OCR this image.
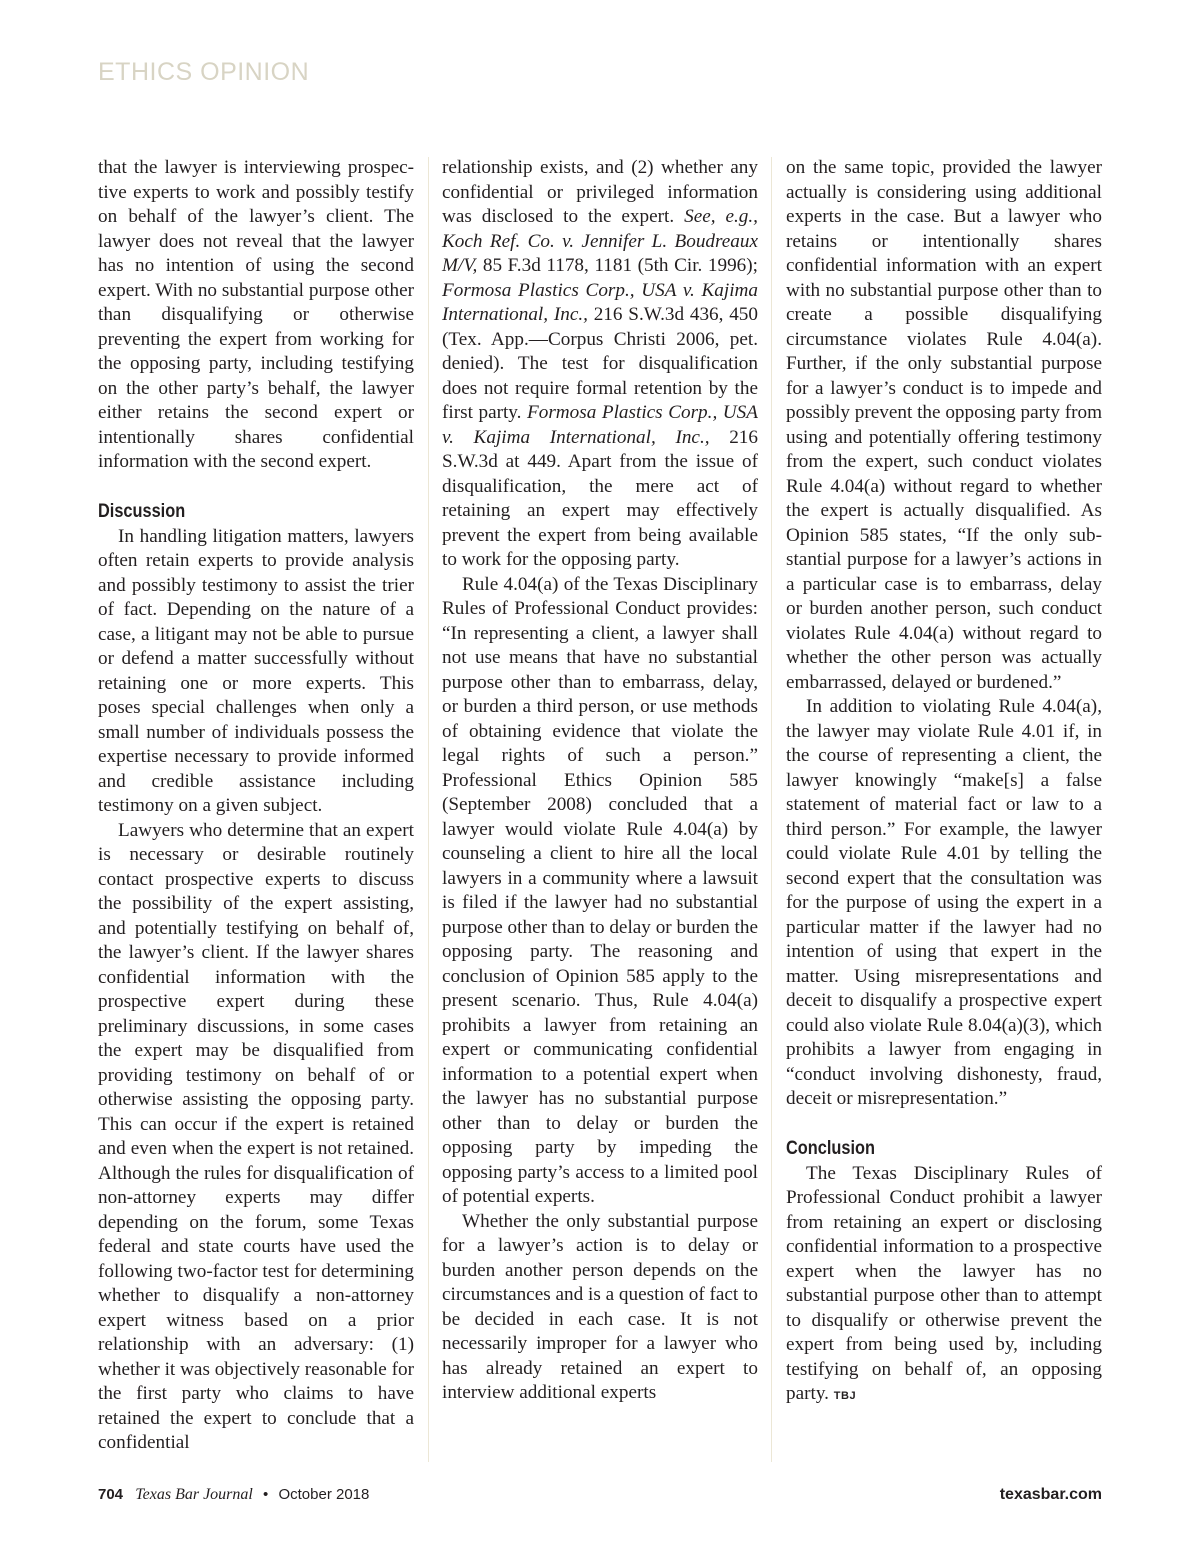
ETHICS OPINION

that the lawyer is interviewing prospective experts to work and possibly testify on behalf of the lawyer’s client. The lawyer does not reveal that the lawyer has no intention of using the second expert. With no substantial purpose other than disqualifying or otherwise preventing the expert from working for the opposing party, including testifying on the other party’s behalf, the lawyer either retains the second expert or intentionally shares confidential information with the second expert.

Discussion

In handling litigation matters, lawyers often retain experts to provide analysis and possibly testimony to assist the trier of fact. Depending on the nature of a case, a litigant may not be able to pursue or defend a matter successfully without retaining one or more experts. This poses special challenges when only a small number of individuals possess the expertise necessary to provide informed and credible assistance including testimony on a given subject.

Lawyers who determine that an expert is necessary or desirable routinely contact prospective experts to discuss the possibility of the expert assisting, and potentially testifying on behalf of, the lawyer’s client. If the lawyer shares confidential information with the prospective expert during these preliminary discussions, in some cases the expert may be disqualified from providing testimony on behalf of or otherwise assisting the opposing party. This can occur if the expert is retained and even when the expert is not retained. Although the rules for disqualification of non-attorney experts may differ depending on the forum, some Texas federal and state courts have used the following two-factor test for determining whether to disqualify a non-attorney expert witness based on a prior relationship with an adversary: (1) whether it was objectively reasonable for the first party who claims to have retained the expert to conclude that a confidential

relationship exists, and (2) whether any confidential or privileged information was disclosed to the expert. See, e.g., Koch Ref. Co. v. Jennifer L. Boudreaux M/V, 85 F.3d 1178, 1181 (5th Cir. 1996); Formosa Plastics Corp., USA v. Kajima International, Inc., 216 S.W.3d 436, 450 (Tex. App.—Corpus Christi 2006, pet. denied). The test for disqualification does not require formal retention by the first party. Formosa Plastics Corp., USA v. Kajima International, Inc., 216 S.W.3d at 449. Apart from the issue of disqualification, the mere act of retaining an expert may effectively prevent the expert from being available to work for the opposing party.

Rule 4.04(a) of the Texas Disciplinary Rules of Professional Conduct provides: “In representing a client, a lawyer shall not use means that have no substantial purpose other than to embarrass, delay, or burden a third person, or use methods of obtaining evidence that violate the legal rights of such a person.” Professional Ethics Opinion 585 (September 2008) concluded that a lawyer would violate Rule 4.04(a) by counseling a client to hire all the local lawyers in a community where a lawsuit is filed if the lawyer had no substantial purpose other than to delay or burden the opposing party. The reasoning and conclusion of Opinion 585 apply to the present scenario. Thus, Rule 4.04(a) prohibits a lawyer from retaining an expert or communicating confidential information to a potential expert when the lawyer has no substantial purpose other than to delay or burden the opposing party by impeding the opposing party’s access to a limited pool of potential experts.

Whether the only substantial purpose for a lawyer’s action is to delay or burden another person depends on the circumstances and is a question of fact to be decided in each case. It is not necessarily improper for a lawyer who has already retained an expert to interview additional experts

on the same topic, provided the lawyer actually is considering using additional experts in the case. But a lawyer who retains or intentionally shares confidential information with an expert with no substantial purpose other than to create a possible disqualifying circumstance violates Rule 4.04(a). Further, if the only substantial purpose for a lawyer’s conduct is to impede and possibly prevent the opposing party from using and potentially offering testimony from the expert, such conduct violates Rule 4.04(a) without regard to whether the expert is actually disqualified. As Opinion 585 states, “If the only substantial purpose for a lawyer’s actions in a particular case is to embarrass, delay or burden another person, such conduct violates Rule 4.04(a) without regard to whether the other person was actually embarrassed, delayed or burdened.”

In addition to violating Rule 4.04(a), the lawyer may violate Rule 4.01 if, in the course of representing a client, the lawyer knowingly “make[s] a false statement of material fact or law to a third person.” For example, the lawyer could violate Rule 4.01 by telling the second expert that the consultation was for the purpose of using the expert in a particular matter if the lawyer had no intention of using that expert in the matter. Using misrepresentations and deceit to disqualify a prospective expert could also violate Rule 8.04(a)(3), which prohibits a lawyer from engaging in “conduct involving dishonesty, fraud, deceit or misrepresentation.”

Conclusion

The Texas Disciplinary Rules of Professional Conduct prohibit a lawyer from retaining an expert or disclosing confidential information to a prospective expert when the lawyer has no substantial purpose other than to attempt to disqualify or otherwise prevent the expert from being used by, including testifying on behalf of, an opposing party. TBJ

704 Texas Bar Journal • October 2018	texasbar.com
